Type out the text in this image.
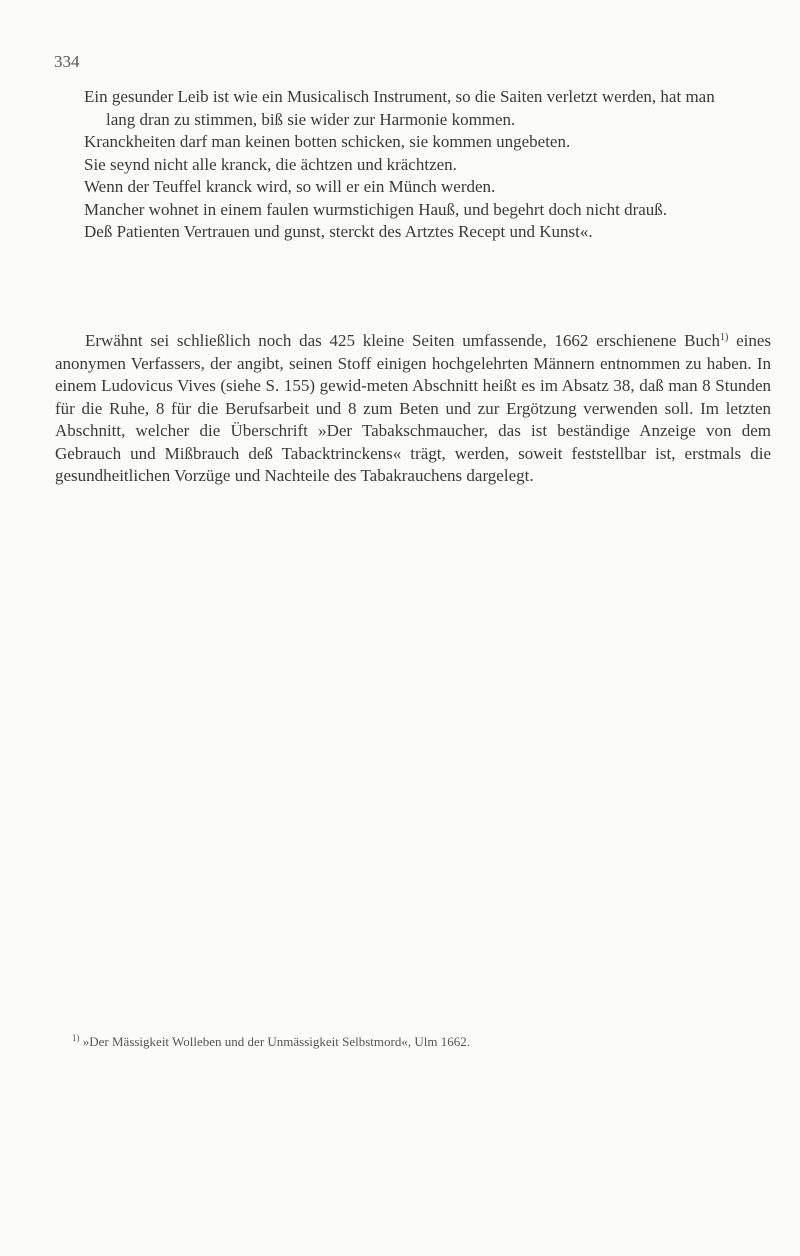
334

Ein gesunder Leib ist wie ein Musicalisch Instrument, so die Saiten verletzt werden, hat man lang dran zu stimmen, biß sie wider zur Harmonie kommen.

Kranckheiten darf man keinen botten schicken, sie kommen ungebeten.

Sie seynd nicht alle kranck, die ächtzen und krächtzen.

Wenn der Teuffel kranck wird, so will er ein Münch werden.

Mancher wohnet in einem faulen wurmstichigen Hauß, und begehrt doch nicht drauß.

Deß Patienten Vertrauen und gunst, sterckt des Artztes Recept und Kunst«.

Erwähnt sei schließlich noch das 425 kleine Seiten umfassende, 1662 erschienene Buch$^{1)}$ eines anonymen Verfassers, der angibt, seinen Stoff einigen hochgelehrten Männern entnommen zu haben. In einem Ludovicus Vives (siehe S. 155) gewid-meten Abschnitt heißt es im Absatz 38, daß man 8 Stunden für die Ruhe, 8 für die Berufsarbeit und 8 zum Beten und zur Ergötzung verwenden soll. Im letzten Abschnitt, welcher die Überschrift »Der Tabakschmaucher, das ist beständige Anzeige von dem Gebrauch und Mißbrauch deß Tabacktrinckens« trägt, werden, soweit feststellbar ist, erstmals die gesundheitlichen Vorzüge und Nachteile des Tabakrauchens dargelegt.

$^{1)}$ »Der Mässigkeit Wolleben und der Unmässigkeit Selbstmord«, Ulm 1662.
